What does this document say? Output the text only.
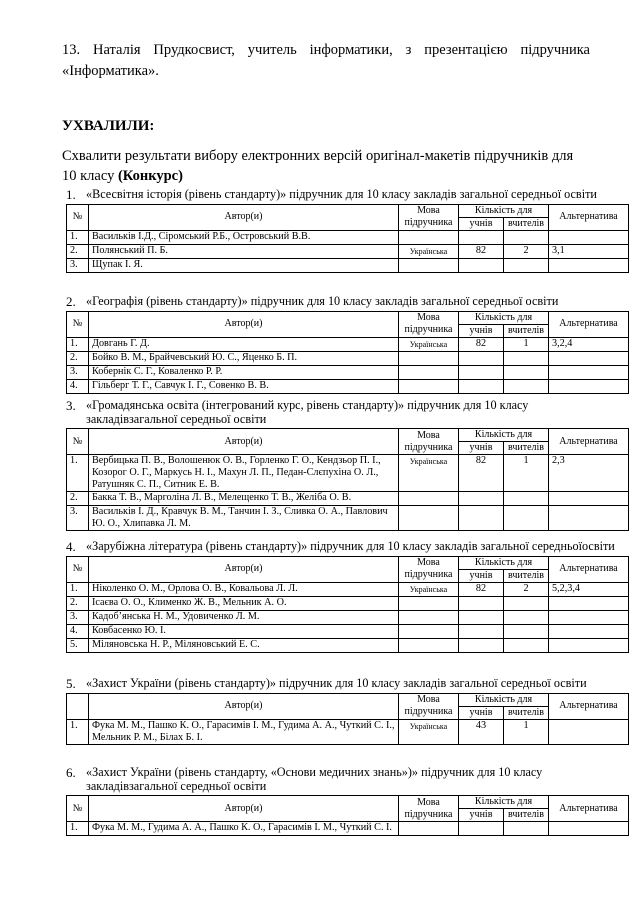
13. Наталія Прудкосвист, учитель інформатики, з презентацією підручника «Інформатика».
УХВАЛИЛИ:
Схвалити результати вибору електронних версій оригінал-макетів підручників для 10 класу (Конкурс)
1. «Всесвітня історія (рівень стандарту)» підручник для 10 класу закладів загальної середньої освіти
№	Автор(и)	Мова підручника	Кількість для		Альтернатива
			учнів	вчителів	
1.	Васильків І.Д., Сіромський Р.Б., Островський В.В.				
2.	Полянський П. Б.	Українська	82	2	3,1
3.	Щупак І. Я.				
2. «Географія (рівень стандарту)» підручник для 10 класу закладів загальної середньої освіти
№	Автор(и)	Мова підручника	Кількість для		Альтернатива
			учнів	вчителів	
1.	Довгань Г. Д.	Українська	82	1	3,2,4
2.	Бойко В. М., Брайчевський Ю. С., Яценко Б. П.				
3.	Кобернік С. Г., Коваленко Р. Р.				
4.	Гільберг Т. Г., Савчук І. Г., Совенко В. В.				
3. «Громадянська освіта (інтегрований курс, рівень стандарту)» підручник для 10 класу закладівзагальної середньої освіти
№	Автор(и)	Мова підручника	Кількість для		Альтернатива
			учнів	вчителів	
1.	Вербицька П. В., Волошенюк О. В., Горленко Г. О., Кендзьор П. І., Козорог О. Г., Маркусь Н. І., Махун Л. П., Педан-Слєпухіна О. Л., Ратушняк С. П., Ситник Е. В.	Українська	82	1	2,3
2.	Бакка Т. В., Марголіна Л. В., Мелещенко Т. В., Желіба О. В.				
3.	Васильків І. Д., Кравчук В. М., Танчин І. З., Сливка О. А., Павлович Ю. О., Хлипавка Л. М.				
4. «Зарубіжна література (рівень стандарту)» підручник для 10 класу закладів загальної середньоїосвіти
№	Автор(и)	Мова підручника	Кількість для		Альтернатива
			учнів	вчителів	
1.	Ніколенко О. М., Орлова О. В., Ковальова Л. Л.	Українська	82	2	5,2,3,4
2.	Ісаєва О. О., Клименко Ж. В., Мельник А. О.				
3.	Кадоб’янська Н. М., Удовиченко Л. М.				
4.	Ковбасенко Ю. І.				
5.	Міляновська Н. Р., Міляновський Е. С.				
5. «Захист України (рівень стандарту)» підручник для 10 класу закладів загальної середньої освіти
	Автор(и)	Мова підручника	Кількість для		Альтернатива
			учнів	вчителів	
1.	Фука М. М., Пашко К. О., Гарасимів І. М., Гудима А. А., Чуткий С. І., Мельник Р. М., Білах Б. І.	Українська	43	1	
6. «Захист України (рівень стандарту, «Основи медичних знань»)» підручник для 10 класу закладівзагальної середньої освіти
№	Автор(и)	Мова підручника	Кількість для		Альтернатива
			учнів	вчителів	
1.	Фука М. М., Гудима А. А., Пашко К. О., Гарасимів І. М., Чуткий С. І.				
